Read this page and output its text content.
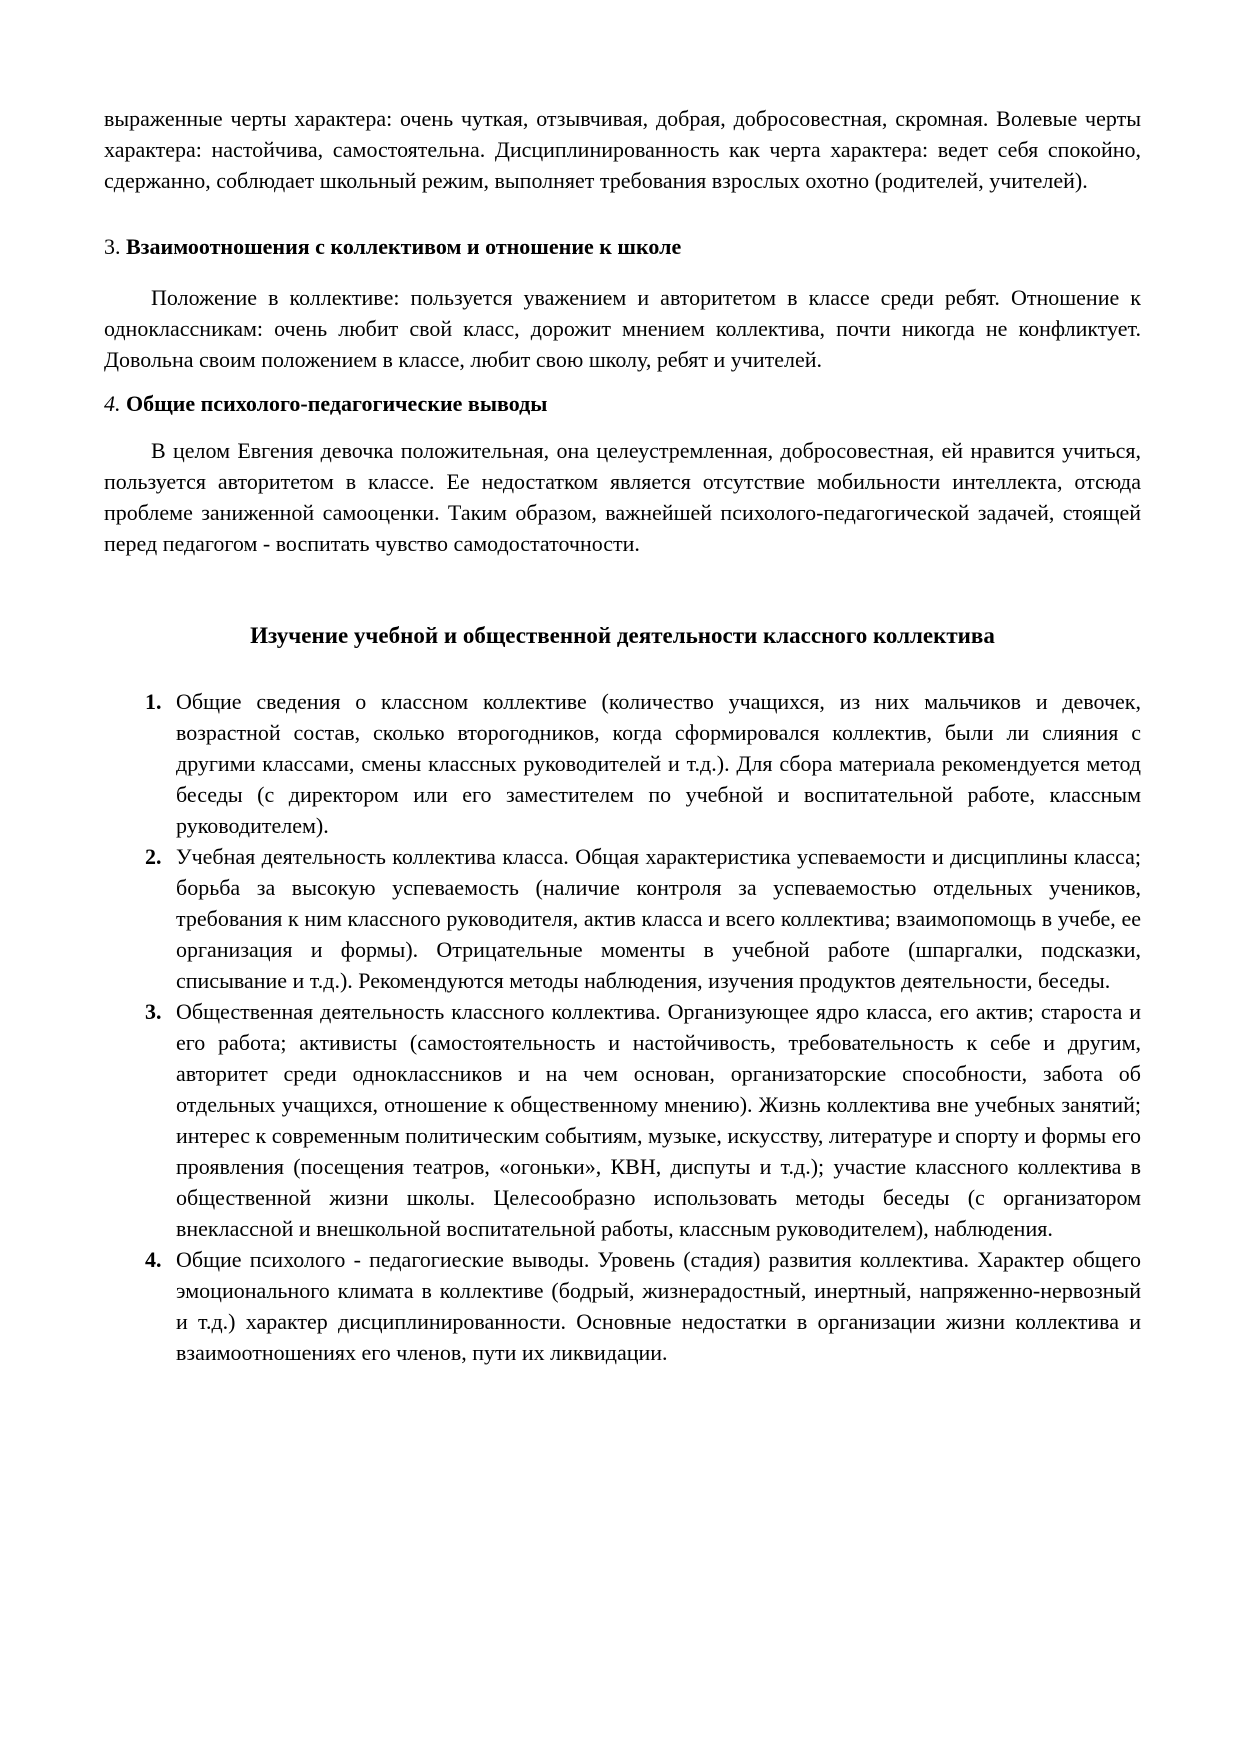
выраженные черты характера: очень чуткая, отзывчивая, добрая, добросовестная, скромная. Волевые черты характера: настойчива, самостоятельна. Дисциплинированность как черта характера: ведет себя спокойно, сдержанно, соблюдает школьный режим, выполняет требования взрослых охотно (родителей, учителей).

3. Взаимоотношения с коллективом и отношение к школе

Положение в коллективе: пользуется уважением и авторитетом в классе среди ребят. Отношение к одноклассникам: очень любит свой класс, дорожит мнением коллектива, почти никогда не конфликтует. Довольна своим положением в классе, любит свою школу, ребят и учителей.

4. Общие психолого-педагогические выводы

В целом Евгения девочка положительная, она целеустремленная, добросовестная, ей нравится учиться, пользуется авторитетом в классе. Ее недостатком является отсутствие мобильности интеллекта, отсюда проблеме заниженной самооценки. Таким образом, важнейшей психолого-педагогической задачей, стоящей перед педагогом - воспитать чувство самодостаточности.

Изучение учебной и общественной деятельности классного коллектива
1. Общие сведения о классном коллективе (количество учащихся, из них мальчиков и девочек, возрастной состав, сколько второгодников, когда сформировался коллектив, были ли слияния с другими классами, смены классных руководителей и т.д.). Для сбора материала рекомендуется метод беседы (с директором или его заместителем по учебной и воспитательной работе, классным руководителем).
2. Учебная деятельность коллектива класса. Общая характеристика успеваемости и дисциплины класса; борьба за высокую успеваемость (наличие контроля за успеваемостью отдельных учеников, требования к ним классного руководителя, актив класса и всего коллектива; взаимопомощь в учебе, ее организация и формы). Отрицательные моменты в учебной работе (шпаргалки, подсказки, списывание и т.д.). Рекомендуются методы наблюдения, изучения продуктов деятельности, беседы.
3. Общественная деятельность классного коллектива. Организующее ядро класса, его актив; староста и его работа; активисты (самостоятельность и настойчивость, требовательность к себе и другим, авторитет среди одноклассников и на чем основан, организаторские способности, забота об отдельных учащихся, отношение к общественному мнению). Жизнь коллектива вне учебных занятий; интерес к современным политическим событиям, музыке, искусству, литературе и спорту и формы его проявления (посещения театров, «огоньки», КВН, диспуты и т.д.); участие классного коллектива в общественной жизни школы. Целесообразно использовать методы беседы (с организатором внеклассной и внешкольной воспитательной работы, классным руководителем), наблюдения.
4. Общие психолого - педагогиеские выводы. Уровень (стадия) развития коллектива. Характер общего эмоционального климата в коллективе (бодрый, жизнерадостный, инертный, напряженно-нервозный и т.д.) характер дисциплинированности. Основные недостатки в организации жизни коллектива и взаимоотношениях его членов, пути их ликвидации.
